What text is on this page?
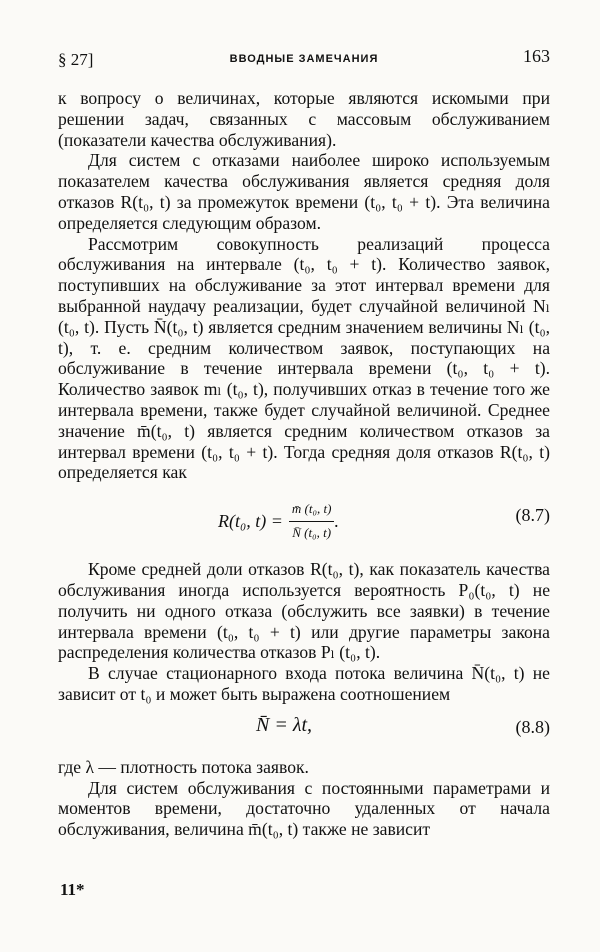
§ 27]	ВВОДНЫЕ ЗАМЕЧАНИЯ	163

к вопросу о величинах, которые являются искомыми при решении задач, связанных с массовым обслуживанием (показатели качества обслуживания).

Для систем с отказами наиболее широко используемым показателем качества обслуживания является средняя доля отказов R(t₀, t) за промежуток времени (t₀, t₀ + t). Эта величина определяется следующим образом.

Рассмотрим совокупность реализаций процесса обслуживания на интервале (t₀, t₀ + t). Количество заявок, поступивших на обслуживание за этот интервал времени для выбранной наудачу реализации, будет случайной величиной Nₗ (t₀, t). Пусть N̄(t₀, t) является средним значением величины Nₗ (t₀, t), т. е. средним количеством заявок, поступающих на обслуживание в течение интервала времени (t₀, t₀ + t). Количество заявок mₗ (t₀, t), получивших отказ в течение того же интервала времени, также будет случайной величиной. Среднее значение m̄(t₀, t) является средним количеством отказов за интервал времени (t₀, t₀ + t). Тогда средняя доля отказов R(t₀, t) определяется как

R(t₀, $t) = \frac{\text{m̄ (t₀, t)}}{\text{N̄ (t₀, t)}}$ .	(8.7)

Кроме средней доли отказов R(t₀, t), как показатель качества обслуживания иногда используется вероятность P₀(t₀, t) не получить ни одного отказа (обслужить все заявки) в течение интервала времени (t₀, t₀ + t) или другие параметры закона распределения количества отказов Pₗ (t₀, t).

В случае стационарного входа потока величина N̄(t₀, t) не зависит от t₀ и может быть выражена соотношением

N̄ = λt,	(8.8)

где λ — плотность потока заявок.

Для систем обслуживания с постоянными параметрами и моментов времени, достаточно удаленных от начала обслуживания, величина m̄(t₀, t) также не зависит

11*
